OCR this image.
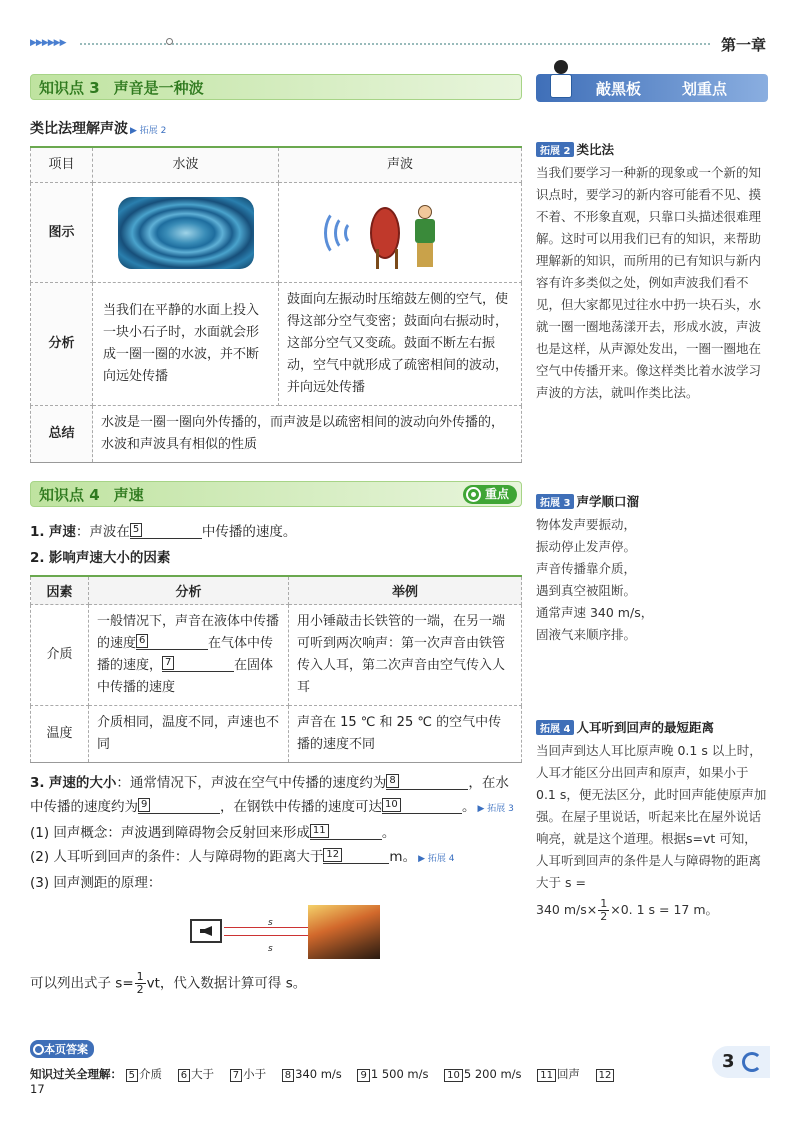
▶▶▶▶▶▶	第一章
知识点 3 声音是一种波
类比法理解声波 ▶ 拓展 2
项目	水波	声波
图示	

分析	当我们在平静的水面上投入一块小石子时，水面就会形成一圈一圈的水波，并不断向远处传播	鼓面向左振动时压缩鼓左侧的空气，使得这部分空气变密；鼓面向右振动时，这部分空气又变疏。鼓面不断左右振动，空气中就形成了疏密相间的波动，并向远处传播
总结	水波是一圈一圈向外传播的，而声波是以疏密相间的波动向外传播的，水波和声波具有相似的性质	
知识点 4 声速	重点
1. 声速：声波在 5	中传播的速度。
2. 影响声速大小的因素
因素	分析	举例
介质	一般情况下，声音在液体中传播的速度 6 在气体中传播的速度， 7 在固体中传播的速度	用小锤敲击长铁管的一端，在另一端可听到两次响声：第一次声音由铁管传入人耳，第二次声音由空气传入人耳
温度	介质相同，温度不同，声速也不同	声音在 15 ℃ 和 25 ℃ 的空气中传播的速度不同

3. 声速的大小：通常情况下，声波在空气中传播的速度约为 8	，在水中传播的速度约为 9	，在钢铁中传播的速度可达 10	。 ▶ 拓展 3

(1) 回声概念：声波遇到障碍物会反射回来形成 11	。

(2) 人耳听到回声的条件：人与障碍物的距离大于 12	m。 ▶ 拓展 4

(3) 回声测距的原理：

s
s

可以列出式子 $s= \frac{1}{2}$ vt，代入数据计算可得 s。

敲黑板	划重点
拓展 2 类比法
当我们要学习一种新的现象或一个新的知识点时，要学习的新内容可能看不见、摸不着、不形象直观，只靠口头描述很难理解。这时可以用我们已有的知识，来帮助理解新的知识，而所用的已有知识与新内容有许多类似之处，例如声波我们看不见，但大家都见过往水中扔一块石头，水就一圈一圈地荡漾开去，形成水波，声波也是这样，从声源处发出，一圈一圈地在空气中传播开来。像这样类比着水波学习声波的方法，就叫作类比法。
拓展 3 声学顺口溜
物体发声要振动，
振动停止发声停。
声音传播靠介质，
遇到真空被阻断。
通常声速 340 m/s，
固液气来顺序排。
拓展 4 人耳听到回声的最短距离
当回声到达人耳比原声晚 0.1 s 以上时，人耳才能区分出回声和原声，如果小于 0.1 s，便无法区分，此时回声能使原声加强。在屋子里说话，听起来比在屋外说话响亮，就是这个道理。根据s=vt 可知，人耳听到回声的条件是人与障碍物的距离大于 s =
340 $m/s\times \frac{1}{2} \times 0$. 1 s = 17 m。
本页答案
知识过关全理解： 5 介质 6 大于 7 小于 8 340 m/s 9 1 500 m/s 10 5 200 m/s 11 回声 1217
3
